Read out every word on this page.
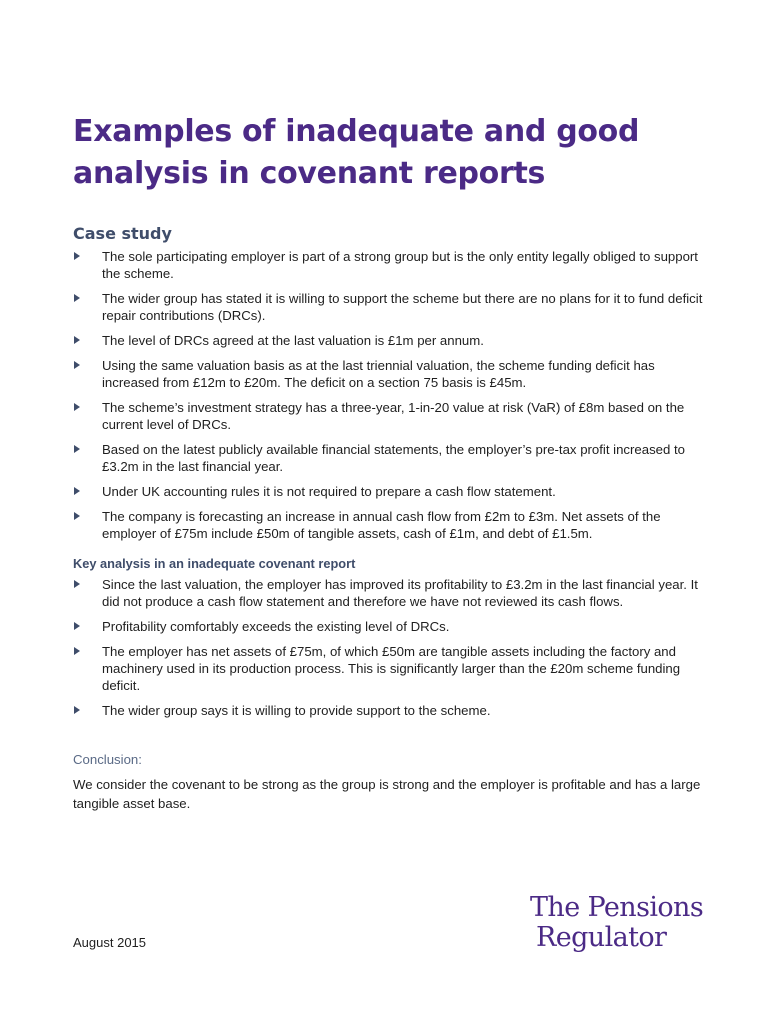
Examples of inadequate and good analysis in covenant reports
Case study
The sole participating employer is part of a strong group but is the only entity legally obliged to support the scheme.
The wider group has stated it is willing to support the scheme but there are no plans for it to fund deficit repair contributions (DRCs).
The level of DRCs agreed at the last valuation is £1m per annum.
Using the same valuation basis as at the last triennial valuation, the scheme funding deficit has increased from £12m to £20m. The deficit on a section 75 basis is £45m.
The scheme’s investment strategy has a three-year, 1-in-20 value at risk (VaR) of £8m based on the current level of DRCs.
Based on the latest publicly available financial statements, the employer’s pre-tax profit increased to £3.2m in the last financial year.
Under UK accounting rules it is not required to prepare a cash flow statement.
The company is forecasting an increase in annual cash flow from £2m to £3m. Net assets of the employer of £75m include £50m of tangible assets, cash of £1m, and debt of £1.5m.
Key analysis in an inadequate covenant report
Since the last valuation, the employer has improved its profitability to £3.2m in the last financial year. It did not produce a cash flow statement and therefore we have not reviewed its cash flows.
Profitability comfortably exceeds the existing level of DRCs.
The employer has net assets of £75m, of which £50m are tangible assets including the factory and machinery used in its production process. This is significantly larger than the £20m scheme funding deficit.
The wider group says it is willing to provide support to the scheme.
Conclusion:

We consider the covenant to be strong as the group is strong and the employer is profitable and has a large tangible asset base.

August 2015
The Pensions
Regulator
